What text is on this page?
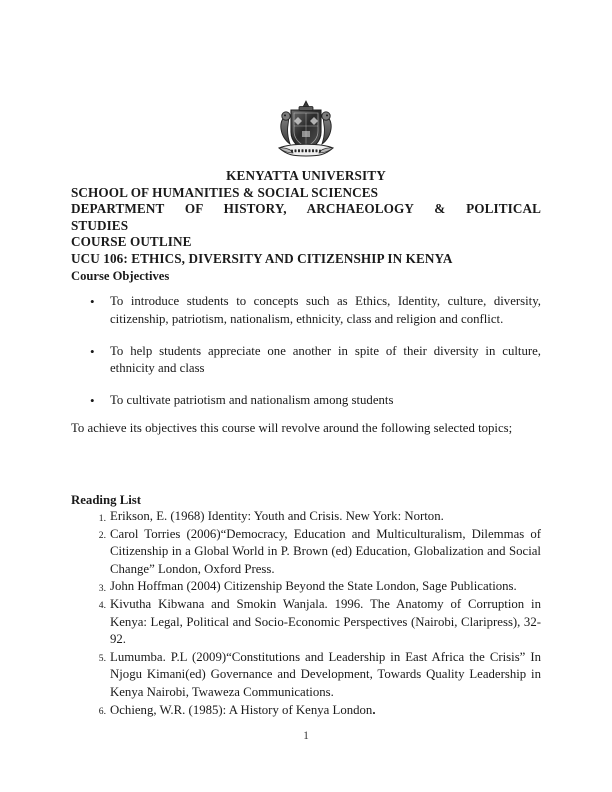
KENYATTA UNIVERSITY
SCHOOL OF HUMANITIES & SOCIAL SCIENCES
DEPARTMENT OF HISTORY, ARCHAEOLOGY & POLITICAL
STUDIES
COURSE OUTLINE
UCU 106: ETHICS, DIVERSITY AND CITIZENSHIP IN KENYA
Course Objectives
• To introduce students to concepts such as Ethics, Identity, culture, diversity, citizenship, patriotism, nationalism, ethnicity, class and religion and conflict.
• To help students appreciate one another in spite of their diversity in culture, ethnicity and class
• To cultivate patriotism and nationalism among students

To achieve its objectives this course will revolve around the following selected topics;

Reading List
1. Erikson, E. (1968) Identity: Youth and Crisis. New York: Norton.
2. Carol Torries (2006)“Democracy, Education and Multiculturalism, Dilemmas of Citizenship in a Global World in P. Brown (ed) Education, Globalization and Social Change” London, Oxford Press.
3. John Hoffman (2004) Citizenship Beyond the State London, Sage Publications.
4. Kivutha Kibwana and Smokin Wanjala. 1996. The Anatomy of Corruption in Kenya: Legal, Political and Socio-Economic Perspectives (Nairobi, Claripress), 32-92.
5. Lumumba. P.L (2009)“Constitutions and Leadership in East Africa the Crisis” In Njogu Kimani(ed) Governance and Development, Towards Quality Leadership in Kenya Nairobi, Twaweza Communications.
6. Ochieng, W.R. (1985): A History of Kenya London.
1
